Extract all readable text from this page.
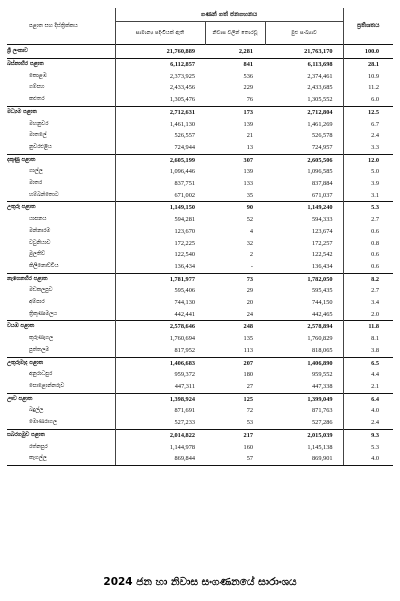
පළාත සහ දිස්ත්‍රික්කය	ගණන් ගත් ජනගහනය			ප්‍රතිශතය
	සාමාන්‍ය පදිංචියක් ඇති	නිවාස වලින් තොරවූ	මුළු සංඛ්‍යාව	
ශ්‍රී ලංකාව	21,760,889	2,281	21,763,170	100.0
බස්නාහිර පළාත	6,112,857	841	6,113,698	28.1
කොළඹ	2,373,925	536	2,374,461	10.9
ගම්පහ	2,433,456	229	2,433,685	11.2
කළුතර	1,305,476	76	1,305,552	6.0
මධ්‍යම පළාත	2,712,631	173	2,712,804	12.5
මහනුවර	1,461,130	139	1,461,269	6.7
මාතලේ	526,557	21	526,578	2.4
නුවරඑළිය	724,944	13	724,957	3.3
දකුණු පළාත	2,605,199	307	2,605,506	12.0
ගාල්ල	1,096,446	139	1,096,585	5.0
මාතර	837,751	133	837,884	3.9
හම්බන්තොට	671,002	35	671,037	3.1
උතුරු පළාත	1,149,150	90	1,149,240	5.3
යාපනය	594,281	52	594,333	2.7
මන්නාරම	123,670	4	123,674	0.6
වවුනියාව	172,225	32	172,257	0.8
මුලතිව්	122,540	2	122,542	0.6
කිලිනොච්චිය	136,434	-	136,434	0.6
නැගෙනහිර පළාත	1,781,977	73	1,782,050	8.2
මඩකලපුව	595,406	29	595,435	2.7
අම්පාර	744,130	20	744,150	3.4
ත්‍රිකුණාමලය	442,441	24	442,465	2.0
වයඹ පළාත	2,578,646	248	2,578,894	11.8
කුරුණෑගල	1,760,694	135	1,760,829	8.1
පුත්තලම	817,952	113	818,065	3.8
උතුරුමැද පළාත	1,406,683	207	1,406,890	6.5
අනුරාධපුර	959,372	180	959,552	4.4
පොළොන්නරුව	447,311	27	447,338	2.1
ඌව පළාත	1,398,924	125	1,399,049	6.4
බදුල්ල	871,691	72	871,763	4.0
මොණරාගල	527,233	53	527,286	2.4
සබරගමුව පළාත	2,014,822	217	2,015,039	9.3
රත්නපුර	1,144,978	160	1,145,138	5.3
කෑගල්ල	869,844	57	869,901	4.0
2024 ජන හා නිවාස සංගණනයේ සාරාංශය
